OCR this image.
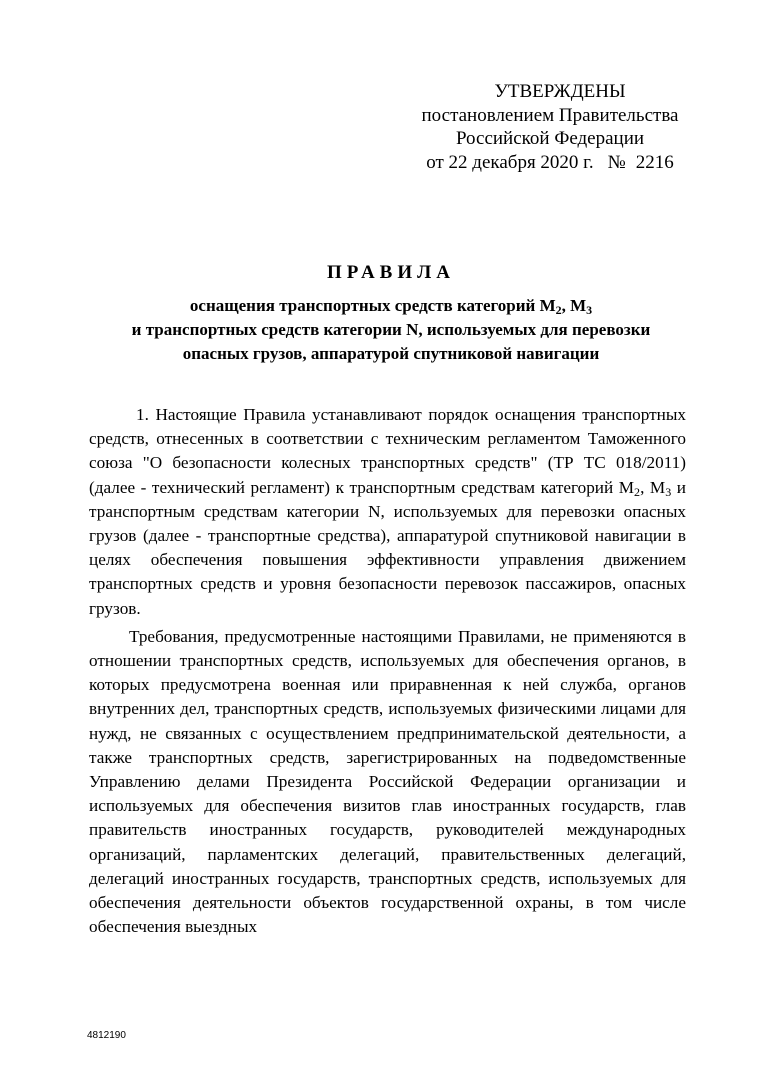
УТВЕРЖДЕНЫ
постановлением Правительства
Российской Федерации
от 22 декабря 2020 г. № 2216
ПРАВИЛА
оснащения транспортных средств категорий $М_2$, $М_3$
и транспортных средств категории N, используемых для перевозки
опасных грузов, аппаратурой спутниковой навигации

1. Настоящие Правила устанавливают порядок оснащения транспортных средств, отнесенных в соответствии с техническим регламентом Таможенного союза "О безопасности колесных транспортных средств" (ТР ТС 018/2011) (далее - технический регламент) к транспортным средствам категорий $М_2$, $М_3$ и транспортным средствам категории N, используемых для перевозки опасных грузов (далее - транспортные средства), аппаратурой спутниковой навигации в целях обеспечения повышения эффективности управления движением транспортных средств и уровня безопасности перевозок пассажиров, опасных грузов.

Требования, предусмотренные настоящими Правилами, не применяются в отношении транспортных средств, используемых для обеспечения органов, в которых предусмотрена военная или приравненная к ней служба, органов внутренних дел, транспортных средств, используемых физическими лицами для нужд, не связанных с осуществлением предпринимательской деятельности, а также транспортных средств, зарегистрированных на подведомственные Управлению делами Президента Российской Федерации организации и используемых для обеспечения визитов глав иностранных государств, глав правительств иностранных государств, руководителей международных организаций, парламентских делегаций, правительственных делегаций, делегаций иностранных государств, транспортных средств, используемых для обеспечения деятельности объектов государственной охраны, в том числе обеспечения выездных

4812190
